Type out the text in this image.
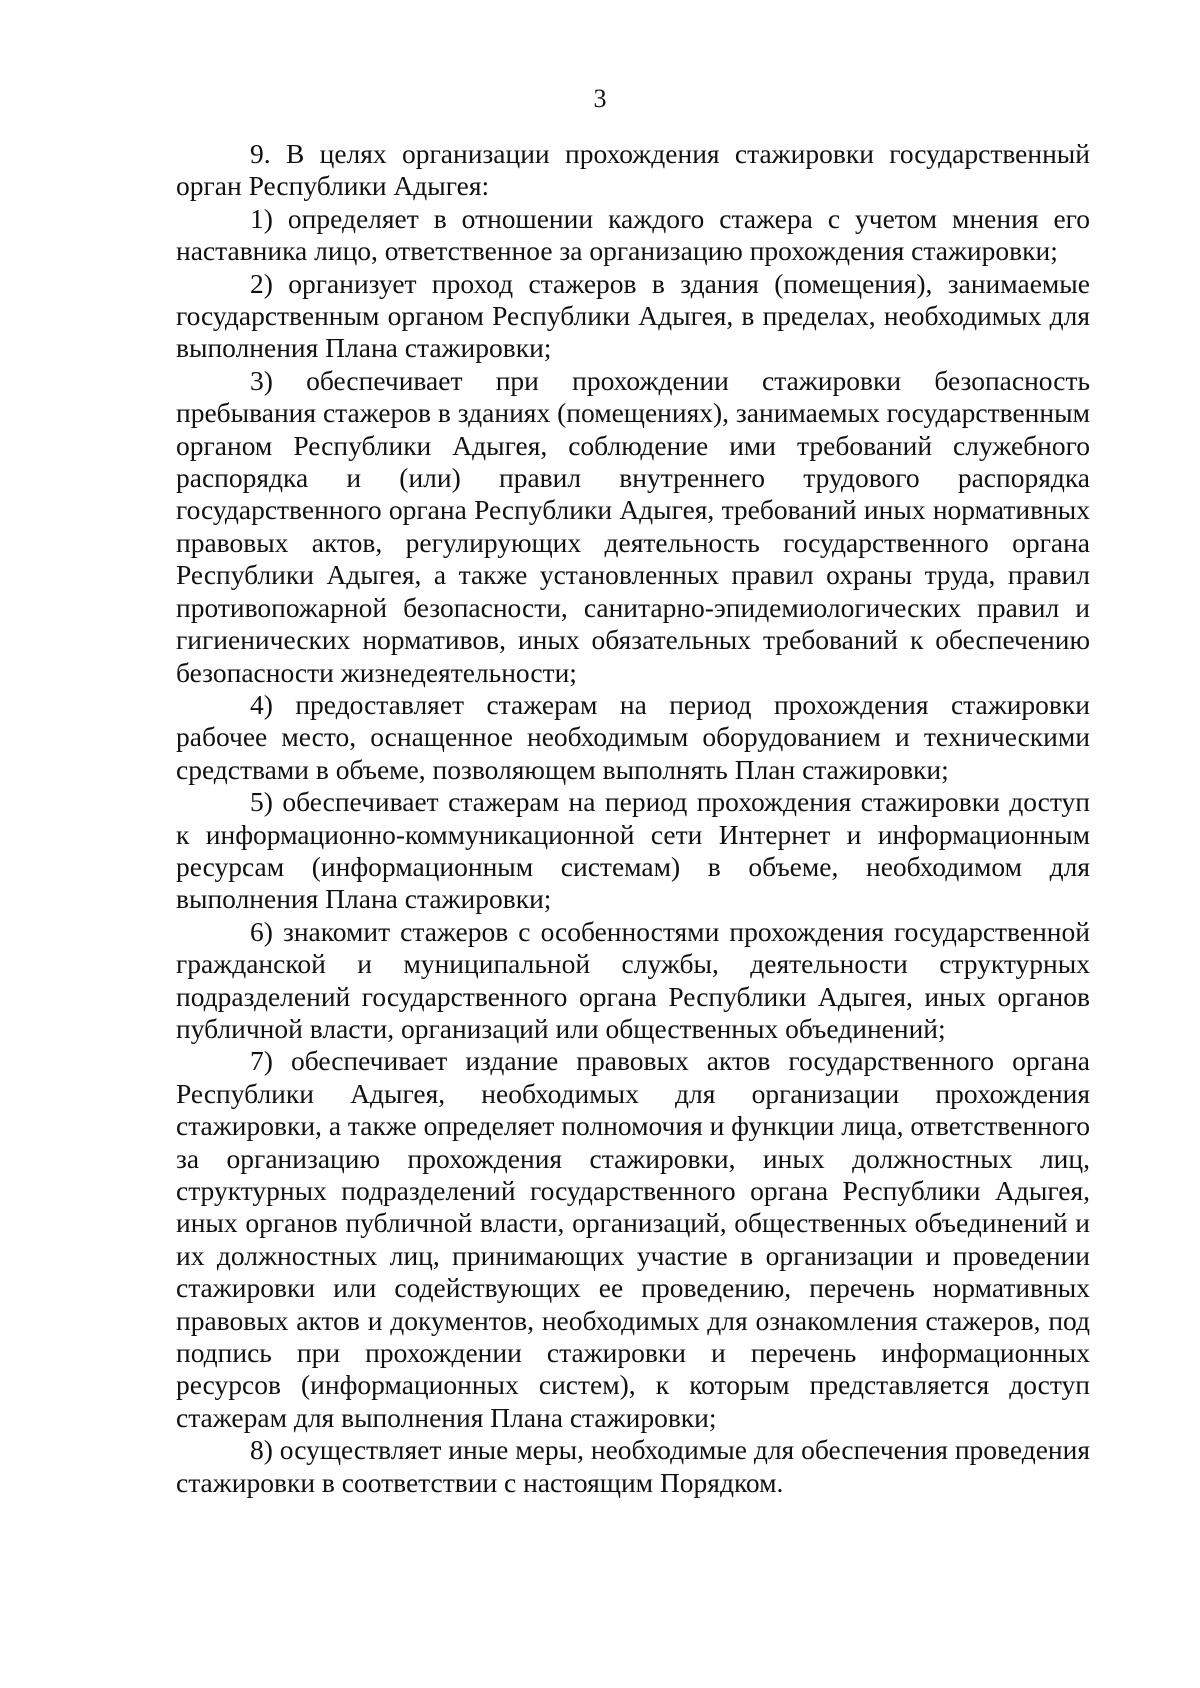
3

9. В целях организации прохождения стажировки государственный орган Республики Адыгея:

1) определяет в отношении каждого стажера с учетом мнения его наставника лицо, ответственное за организацию прохождения стажировки;

2) организует проход стажеров в здания (помещения), занимаемые государственным органом Республики Адыгея, в пределах, необходимых для выполнения Плана стажировки;

3) обеспечивает при прохождении стажировки безопасность пребывания стажеров в зданиях (помещениях), занимаемых государственным органом Республики Адыгея, соблюдение ими требований служебного распорядка и (или) правил внутреннего трудового распорядка государственного органа Республики Адыгея, требований иных нормативных правовых актов, регулирующих деятельность государственного органа Республики Адыгея, а также установленных правил охраны труда, правил противопожарной безопасности, санитарно-эпидемиологических правил и гигиенических нормативов, иных обязательных требований к обеспечению безопасности жизнедеятельности;

4) предоставляет стажерам на период прохождения стажировки рабочее место, оснащенное необходимым оборудованием и техническими средствами в объеме, позволяющем выполнять План стажировки;

5) обеспечивает стажерам на период прохождения стажировки доступ к информационно-коммуникационной сети Интернет и информационным ресурсам (информационным системам) в объеме, необходимом для выполнения Плана стажировки;

6) знакомит стажеров с особенностями прохождения государственной гражданской и муниципальной службы, деятельности структурных подразделений государственного органа Республики Адыгея, иных органов публичной власти, организаций или общественных объединений;

7) обеспечивает издание правовых актов государственного органа Республики Адыгея, необходимых для организации прохождения стажировки, а также определяет полномочия и функции лица, ответственного за организацию прохождения стажировки, иных должностных лиц, структурных подразделений государственного органа Республики Адыгея, иных органов публичной власти, организаций, общественных объединений и их должностных лиц, принимающих участие в организации и проведении стажировки или содействующих ее проведению, перечень нормативных правовых актов и документов, необходимых для ознакомления стажеров, под подпись при прохождении стажировки и перечень информационных ресурсов (информационных систем), к которым представляется доступ стажерам для выполнения Плана стажировки;

8) осуществляет иные меры, необходимые для обеспечения проведения стажировки в соответствии с настоящим Порядком.
